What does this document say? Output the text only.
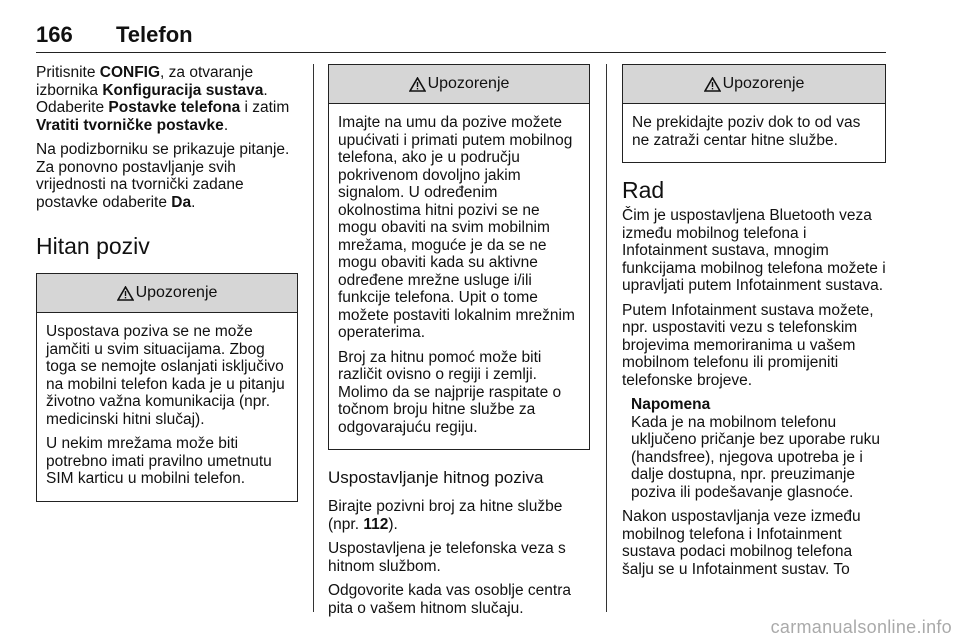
166 Telefon

Pritisnite CONFIG, za otvaranje izbornika Konfiguracija sustava. Odaberite Postavke telefona i zatim Vratiti tvorničke postavke.

Na podizborniku se prikazuje pitanje. Za ponovno postavljanje svih vrijednosti na tvornički zadane postavke odaberite Da.

Hitan poziv
Upozorenje

Uspostava poziva se ne može jamčiti u svim situacijama. Zbog toga se nemojte oslanjati isključivo na mobilni telefon kada je u pitanju životno važna komunikacija (npr. medicinski hitni slučaj).

U nekim mrežama može biti potrebno imati pravilno umetnutu SIM karticu u mobilni telefon.

Upozorenje

Imajte na umu da pozive možete upućivati i primati putem mobilnog telefona, ako je u području pokrivenom dovoljno jakim signalom. U određenim okolnostima hitni pozivi se ne mogu obaviti na svim mobilnim mrežama, moguće je da se ne mogu obaviti kada su aktivne određene mrežne usluge i/ili funkcije telefona. Upit o tome možete postaviti lokalnim mrežnim operaterima.

Broj za hitnu pomoć može biti različit ovisno o regiji i zemlji. Molimo da se najprije raspitate o točnom broju hitne službe za odgovarajuću regiju.

Uspostavljanje hitnog poziva

Birajte pozivni broj za hitne službe (npr. 112).

Uspostavljena je telefonska veza s hitnom službom.

Odgovorite kada vas osoblje centra pita o vašem hitnom slučaju.

Upozorenje

Ne prekidajte poziv dok to od vas ne zatraži centar hitne službe.

Rad

Čim je uspostavljena Bluetooth veza između mobilnog telefona i Infotainment sustava, mnogim funkcijama mobilnog telefona možete i upravljati putem Infotainment sustava.

Putem Infotainment sustava možete, npr. uspostaviti vezu s telefonskim brojevima memoriranima u vašem mobilnom telefonu ili promijeniti telefonske brojeve.

Napomena
Kada je na mobilnom telefonu uključeno pričanje bez uporabe ruku (handsfree), njegova upotreba je i dalje dostupna, npr. preuzimanje poziva ili podešavanje glasnoće.

Nakon uspostavljanja veze između mobilnog telefona i Infotainment sustava podaci mobilnog telefona šalju se u Infotainment sustav. To

carmanualsonline.info
